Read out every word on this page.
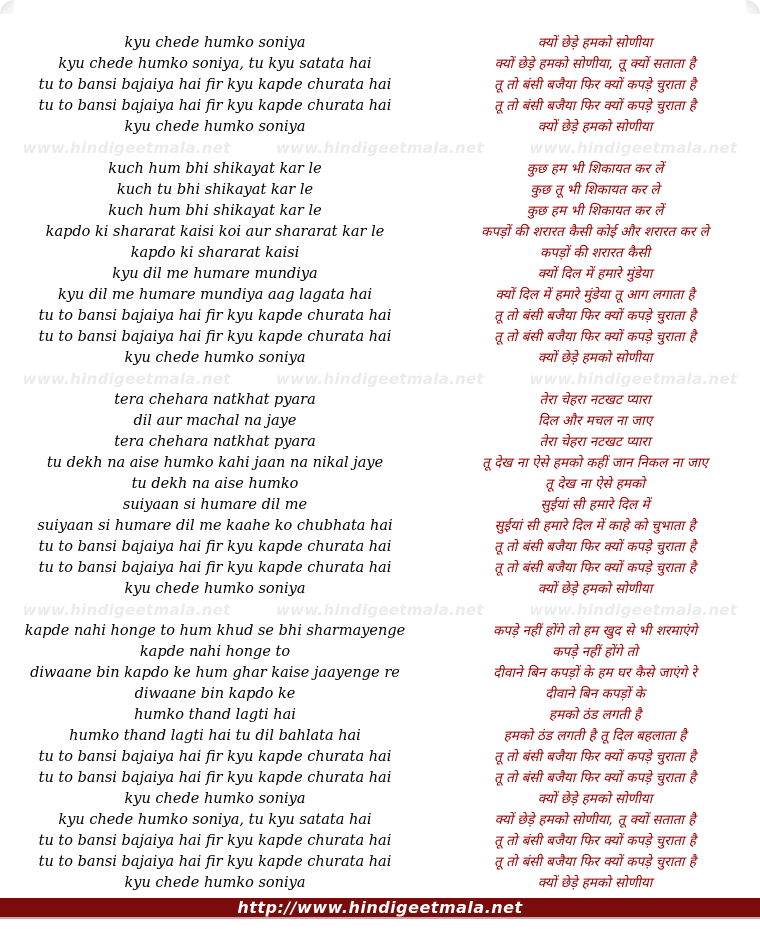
kyu chede humko soniya	क्यों छेड़े हमको सोणीया
kyu chede humko soniya, tu kyu satata hai	क्यों छेड़े हमको सोणीया, तू क्यों सताता है
tu to bansi bajaiya hai fir kyu kapde churata hai	तू तो बंसी बजैया फिर क्यों कपड़े चुराता है
tu to bansi bajaiya hai fir kyu kapde churata hai	तू तो बंसी बजैया फिर क्यों कपड़े चुराता है
kyu chede humko soniya	क्यों छेड़े हमको सोणीया
www.hindigeetmala.net	www.hindigeetmala.net	www.hindigeetmala.net
kuch hum bhi shikayat kar le	कुछ हम भी शिकायत कर लें
kuch tu bhi shikayat kar le	कुछ तू भी शिकायत कर ले
kuch hum bhi shikayat kar le	कुछ हम भी शिकायत कर लें
kapdo ki shararat kaisi koi aur shararat kar le	कपड़ों की शरारत कैसी कोई और शरारत कर ले
kapdo ki shararat kaisi	कपड़ों की शरारत कैसी
kyu dil me humare mundiya	क्यों दिल में हमारे मुंडेया
kyu dil me humare mundiya aag lagata hai	क्यों दिल में हमारे मुंडेया तू आग लगाता है
tu to bansi bajaiya hai fir kyu kapde churata hai	तू तो बंसी बजैया फिर क्यों कपड़े चुराता है
tu to bansi bajaiya hai fir kyu kapde churata hai	तू तो बंसी बजैया फिर क्यों कपड़े चुराता है
kyu chede humko soniya	क्यों छेड़े हमको सोणीया
www.hindigeetmala.net	www.hindigeetmala.net	www.hindigeetmala.net
tera chehara natkhat pyara	तेरा चेहरा नटखट प्यारा
dil aur machal na jaye	दिल और मचल ना जाए
tera chehara natkhat pyara	तेरा चेहरा नटखट प्यारा
tu dekh na aise humko kahi jaan na nikal jaye	तू देख ना ऐसे हमको कहीं जान निकल ना जाए
tu dekh na aise humko	तू देख ना ऐसे हमको
suiyaan si humare dil me	सुईयां सी हमारे दिल में
suiyaan si humare dil me kaahe ko chubhata hai	सुईयां सी हमारे दिल में काहे को चुभाता है
tu to bansi bajaiya hai fir kyu kapde churata hai	तू तो बंसी बजैया फिर क्यों कपड़े चुराता है
tu to bansi bajaiya hai fir kyu kapde churata hai	तू तो बंसी बजैया फिर क्यों कपड़े चुराता है
kyu chede humko soniya	क्यों छेड़े हमको सोणीया
www.hindigeetmala.net	www.hindigeetmala.net	www.hindigeetmala.net
kapde nahi honge to hum khud se bhi sharmayenge	कपड़े नहीं होंगे तो हम खुद से भी शरमाएंगे
kapde nahi honge to	कपड़े नहीं होंगे तो
diwaane bin kapdo ke hum ghar kaise jaayenge re	दीवाने बिन कपड़ों के हम घर कैसे जाएंगे रे
diwaane bin kapdo ke	दीवाने बिन कपड़ों के
humko thand lagti hai	हमको ठंड लगती है
humko thand lagti hai tu dil bahlata hai	हमको ठंड लगती है तू दिल बहलाता है
tu to bansi bajaiya hai fir kyu kapde churata hai	तू तो बंसी बजैया फिर क्यों कपड़े चुराता है
tu to bansi bajaiya hai fir kyu kapde churata hai	तू तो बंसी बजैया फिर क्यों कपड़े चुराता है
kyu chede humko soniya	क्यों छेड़े हमको सोणीया
kyu chede humko soniya, tu kyu satata hai	क्यों छेड़े हमको सोणीया, तू क्यों सताता है
tu to bansi bajaiya hai fir kyu kapde churata hai	तू तो बंसी बजैया फिर क्यों कपड़े चुराता है
tu to bansi bajaiya hai fir kyu kapde churata hai	तू तो बंसी बजैया फिर क्यों कपड़े चुराता है
kyu chede humko soniya	क्यों छेड़े हमको सोणीया
http://www.hindigeetmala.net
